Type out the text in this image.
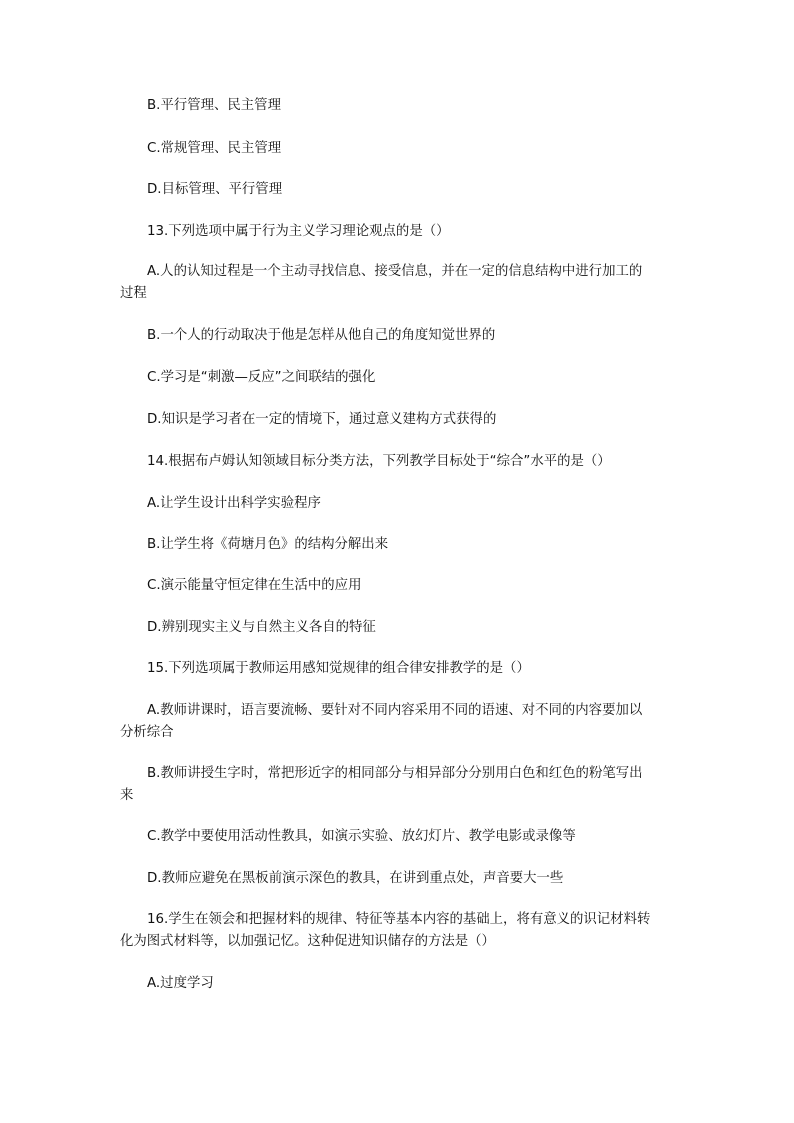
B.平行管理、民主管理
C.常规管理、民主管理
D.目标管理、平行管理
13.下列选项中属于行为主义学习理论观点的是（）
A.人的认知过程是一个主动寻找信息、接受信息，并在一定的信息结构中进行加工的
过程
B.一个人的行动取决于他是怎样从他自己的角度知觉世界的
C.学习是“刺激—反应”之间联结的强化
D.知识是学习者在一定的情境下，通过意义建构方式获得的
14.根据布卢姆认知领域目标分类方法，下列教学目标处于“综合”水平的是（）
A.让学生设计出科学实验程序
B.让学生将《荷塘月色》的结构分解出来
C.演示能量守恒定律在生活中的应用
D.辨别现实主义与自然主义各自的特征
15.下列选项属于教师运用感知觉规律的组合律安排教学的是（）
A.教师讲课时，语言要流畅、要针对不同内容采用不同的语速、对不同的内容要加以
分析综合
B.教师讲授生字时，常把形近字的相同部分与相异部分分别用白色和红色的粉笔写出
来
C.教学中要使用活动性教具，如演示实验、放幻灯片、教学电影或录像等
D.教师应避免在黑板前演示深色的教具，在讲到重点处，声音要大一些
16.学生在领会和把握材料的规律、特征等基本内容的基础上，将有意义的识记材料转
化为图式材料等，以加强记忆。这种促进知识储存的方法是（）
A.过度学习
